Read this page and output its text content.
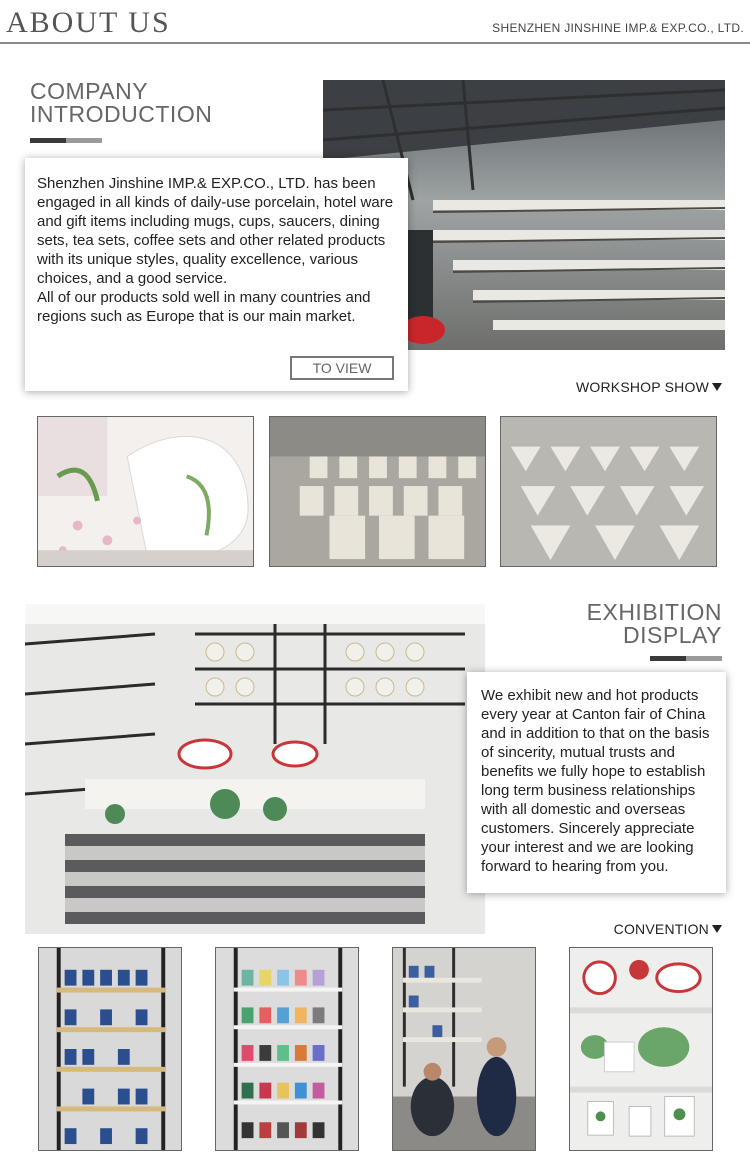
ABOUT US	SHENZHEN JINSHINE IMP.& EXP.CO., LTD.
COMPANY
INTRODUCTION

Shenzhen Jinshine IMP.& EXP.CO., LTD. has been engaged in all kinds of daily-use porcelain, hotel ware and gift items including mugs, cups, saucers, dining sets, tea sets, coffee sets and other related products with its unique styles, quality excellence, various choices, and a good service.

All of our products sold well in many countries and regions such as Europe that is our main market.

TO VIEW
WORKSHOP SHOW
EXHIBITION
DISPLAY

We exhibit new and hot products every year at Canton fair of China and in addition to that on the basis of sincerity, mutual trusts and benefits we fully hope to establish long term business relationships with all domestic and overseas customers. Sincerely appreciate your interest and we are looking forward to hearing from you.

CONVENTION
